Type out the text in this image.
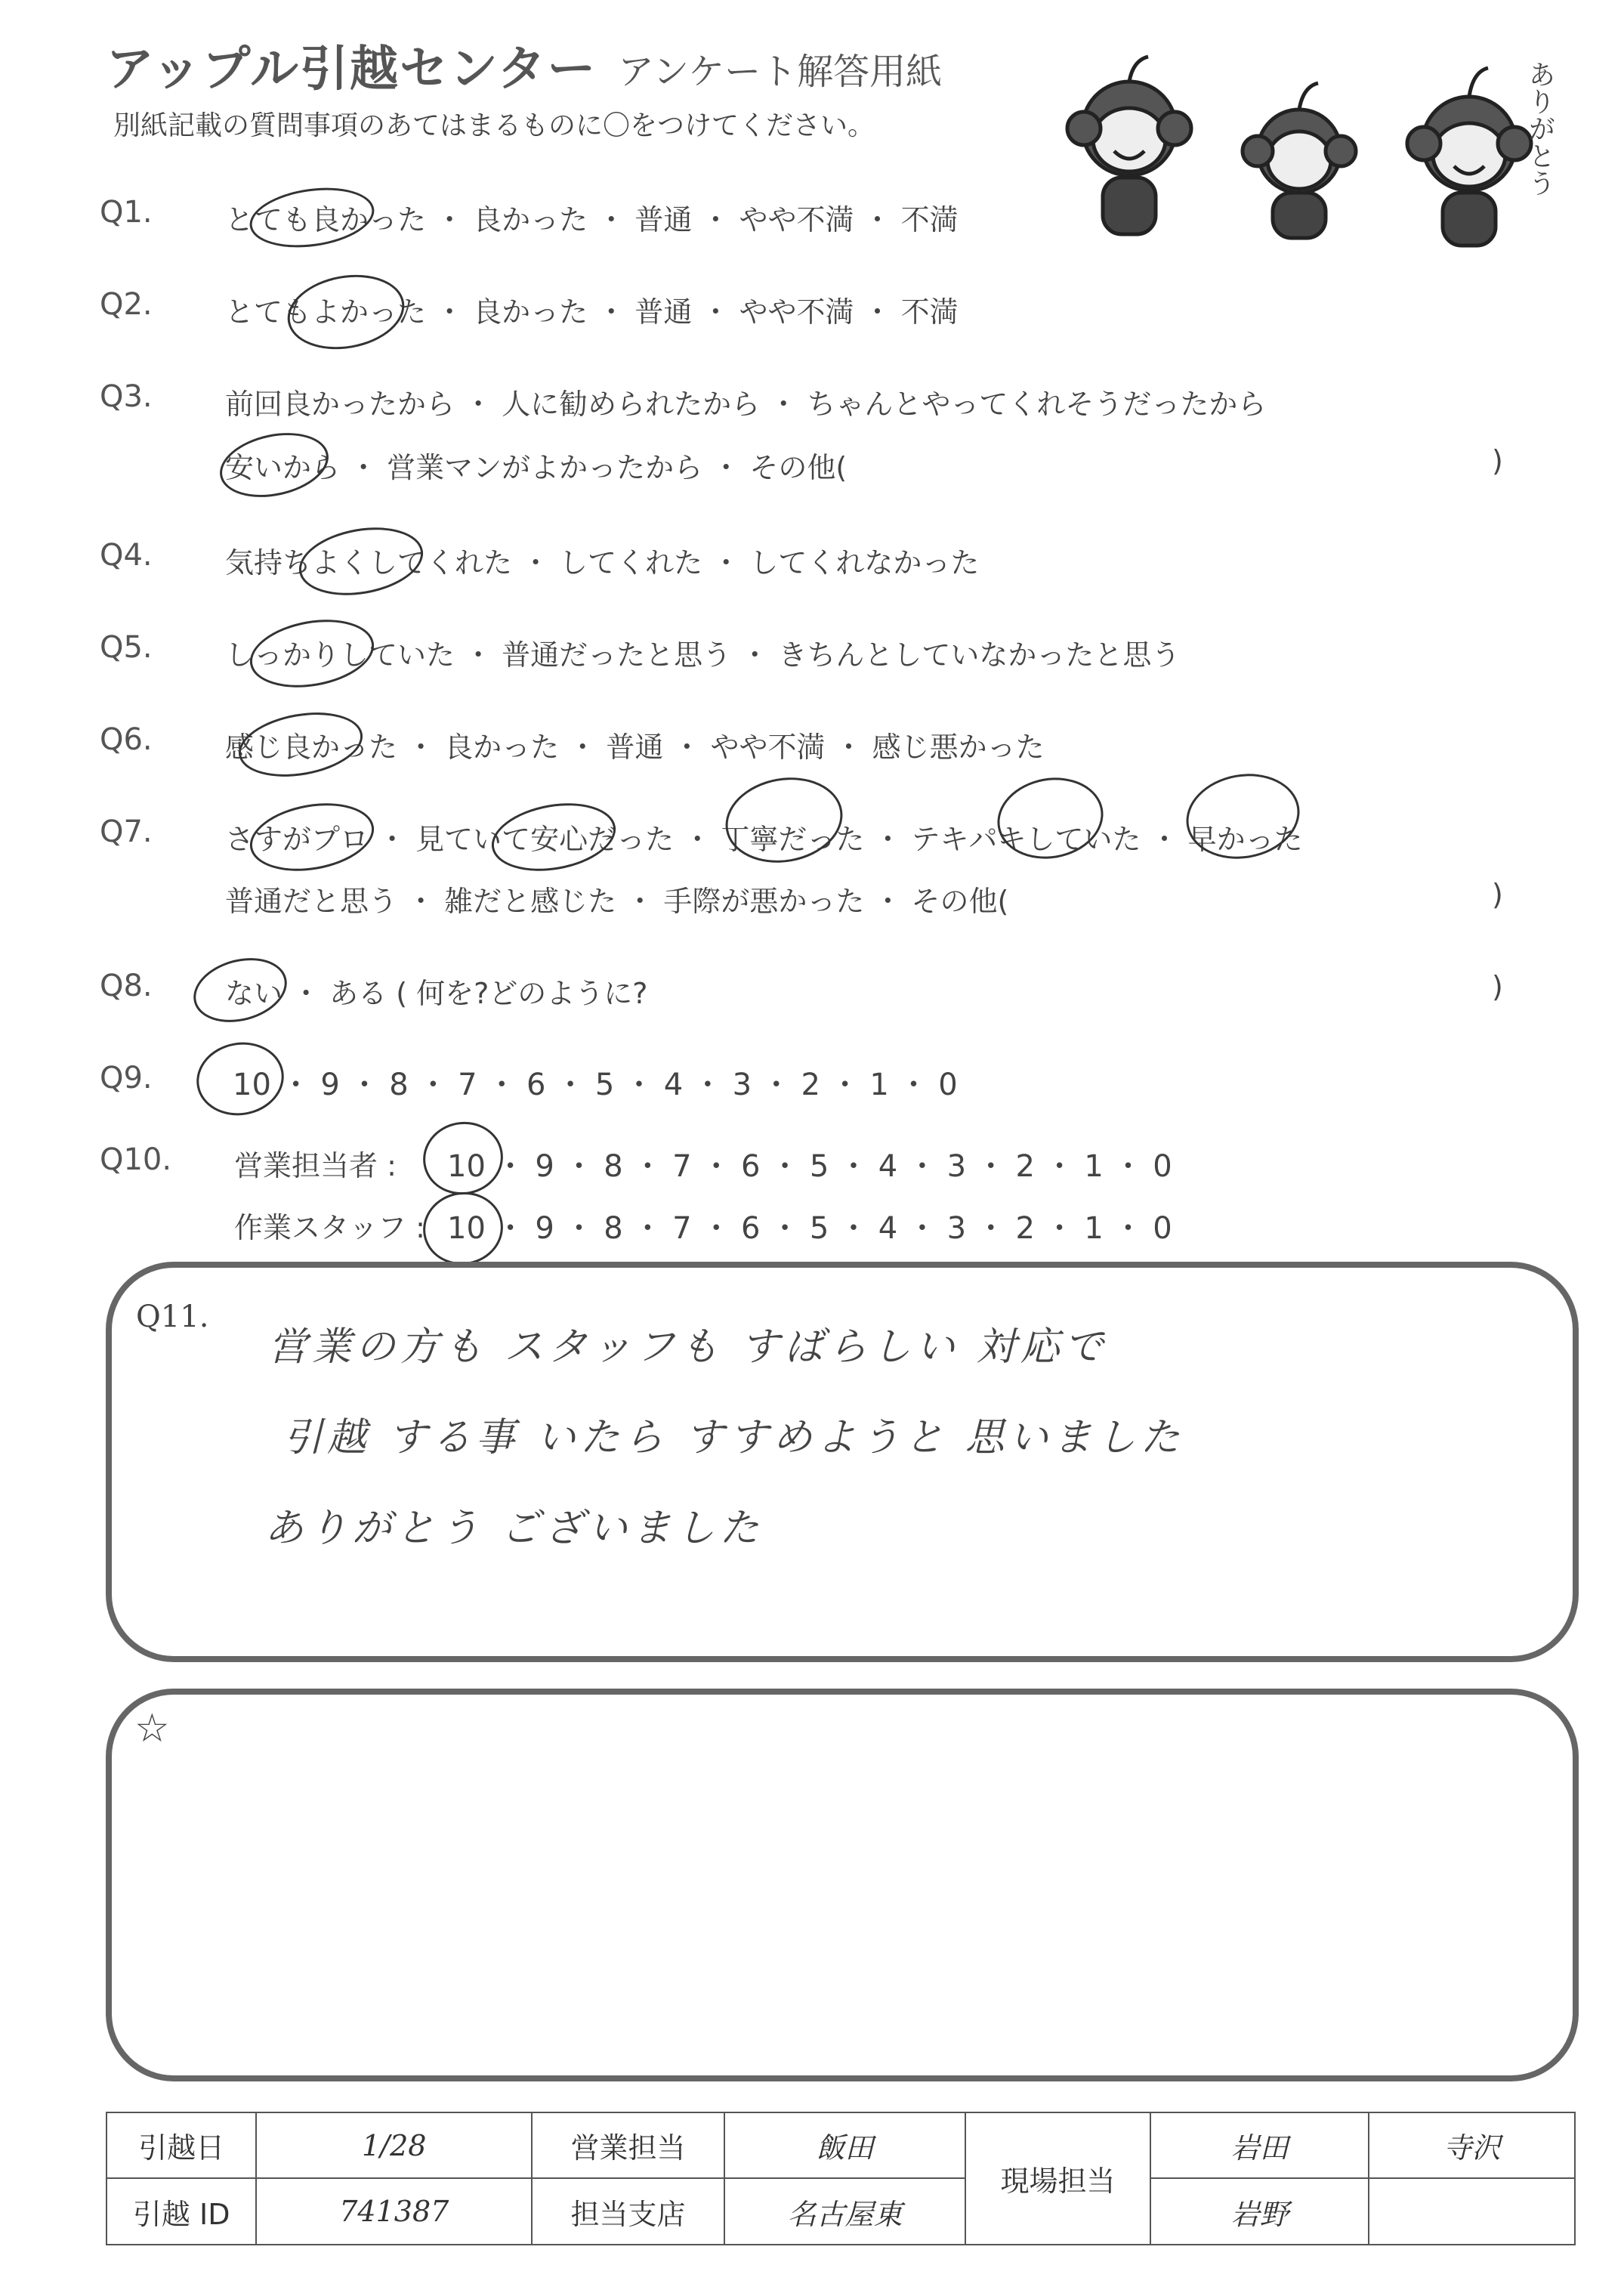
アップル引越センター アンケート解答用紙
別紙記載の質問事項のあてはまるものに〇をつけてください。	ありがとう
Q1.	とても良かった ・ 良かった ・ 普通 ・ やや不満 ・ 不満
Q2.	とてもよかった ・ 良かった ・ 普通 ・ やや不満 ・ 不満
Q3.	前回良かったから ・ 人に勧められたから ・ ちゃんとやってくれそうだったから
安いから ・ 営業マンがよかったから ・ その他(	)
Q4.	気持ちよくしてくれた ・ してくれた ・ してくれなかった
Q5.	しっかりしていた ・ 普通だったと思う ・ きちんとしていなかったと思う
Q6.	感じ良かった ・ 良かった ・ 普通 ・ やや不満 ・ 感じ悪かった
Q7.	さすがプロ ・ 見ていて安心だった ・ 丁寧だった ・ テキパキしていた ・ 早かった
普通だと思う ・ 雑だと感じた ・ 手際が悪かった ・ その他(	)
Q8.	ない ・ ある ( 何を?どのように?	)
Q9.	10 ・ 9 ・ 8 ・ 7 ・ 6 ・ 5 ・ 4 ・ 3 ・ 2 ・ 1 ・ 0
Q10. 営業担当者 : 10 ・ 9 ・ 8 ・ 7 ・ 6 ・ 5 ・ 4 ・ 3 ・ 2 ・ 1 ・ 0
作業スタッフ : 10 ・ 9 ・ 8 ・ 7 ・ 6 ・ 5 ・ 4 ・ 3 ・ 2 ・ 1 ・ 0
Q11.
営業の方も スタッフも すばらしい 対応で
引越 する事 いたら すすめようと 思いました
ありがとう ございました
☆
引越日	1/28	営業担当	飯田	現場担当	岩田	寺沢
引越 ID	741387	担当支店	名古屋東		岩野	
